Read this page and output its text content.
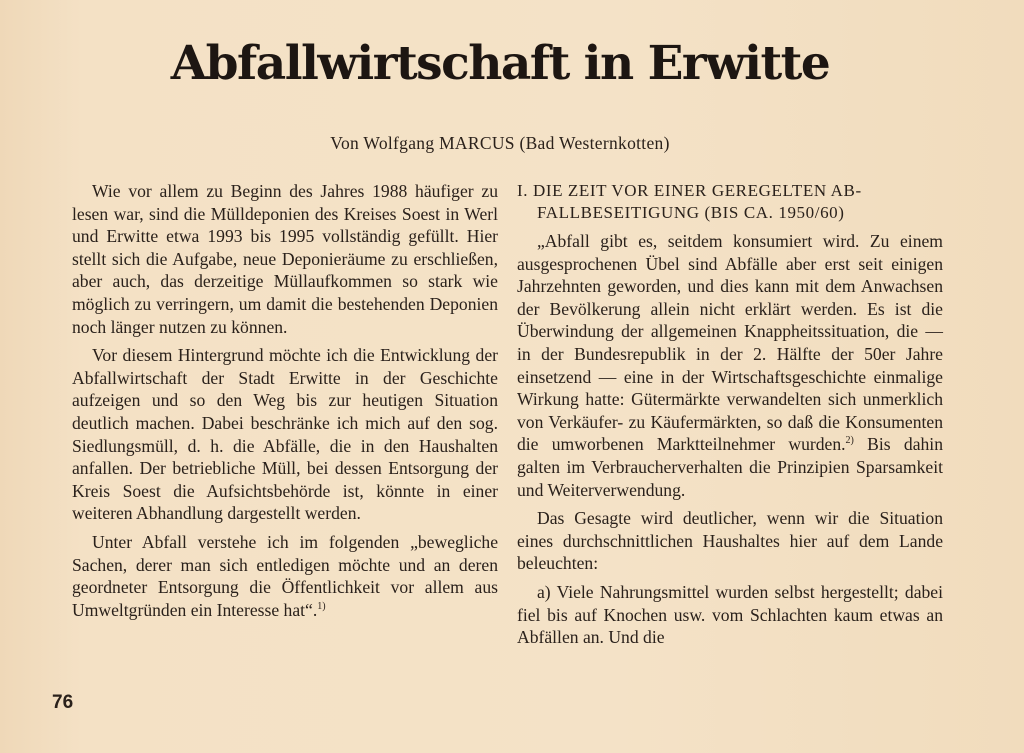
Abfallwirtschaft in Erwitte
Von Wolfgang MARCUS (Bad Westernkotten)

Wie vor allem zu Beginn des Jahres 1988 häufiger zu lesen war, sind die Mülldeponien des Kreises Soest in Werl und Erwitte etwa 1993 bis 1995 vollständig gefüllt. Hier stellt sich die Aufgabe, neue Deponieräume zu erschließen, aber auch, das derzeitige Müllaufkommen so stark wie möglich zu verringern, um damit die bestehenden Deponien noch länger nutzen zu können.

Vor diesem Hintergrund möchte ich die Entwicklung der Abfallwirtschaft der Stadt Erwitte in der Geschichte aufzeigen und so den Weg bis zur heutigen Situation deutlich machen. Dabei beschränke ich mich auf den sog. Siedlungsmüll, d. h. die Abfälle, die in den Haushalten anfallen. Der betriebliche Müll, bei dessen Entsorgung der Kreis Soest die Aufsichtsbehörde ist, könnte in einer weiteren Abhandlung dargestellt werden.

Unter Abfall verstehe ich im folgenden „bewegliche Sachen, derer man sich entledigen möchte und an deren geordneter Entsorgung die Öffentlichkeit vor allem aus Umweltgründen ein Interesse hat“.$^{1)}$

I. DIE ZEIT VOR EINER GEREGELTEN AB-
FALLBESEITIGUNG (BIS CA. 1950/60)

„Abfall gibt es, seitdem konsumiert wird. Zu einem ausgesprochenen Übel sind Abfälle aber erst seit einigen Jahrzehnten geworden, und dies kann mit dem Anwachsen der Bevölkerung allein nicht erklärt werden. Es ist die Überwindung der allgemeinen Knappheitssituation, die — in der Bundesrepublik in der 2. Hälfte der 50er Jahre einsetzend — eine in der Wirtschaftsgeschichte einmalige Wirkung hatte: Gütermärkte verwandelten sich unmerklich von Verkäufer- zu Käufermärkten, so daß die Konsumenten die umworbenen Marktteilnehmer wurden.$^{2)}$ Bis dahin galten im Verbraucherverhalten die Prinzipien Sparsamkeit und Weiterverwendung.

Das Gesagte wird deutlicher, wenn wir die Situation eines durchschnittlichen Haushaltes hier auf dem Lande beleuchten:

a) Viele Nahrungsmittel wurden selbst hergestellt; dabei fiel bis auf Knochen usw. vom Schlachten kaum etwas an Abfällen an. Und die

76
